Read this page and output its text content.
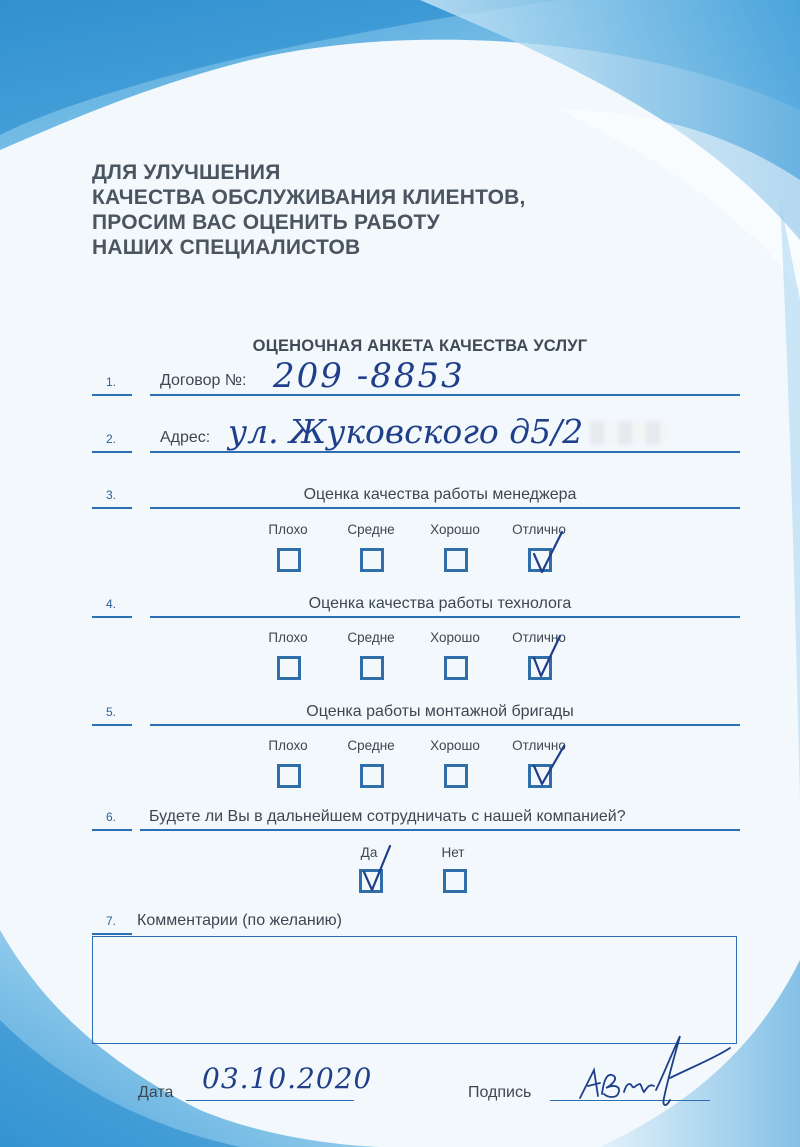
ДЛЯ УЛУЧШЕНИЯ
КАЧЕСТВА ОБСЛУЖИВАНИЯ КЛИЕНТОВ,
ПРОСИМ ВАС ОЦЕНИТЬ РАБОТУ
НАШИХ СПЕЦИАЛИСТОВ
ОЦЕНОЧНАЯ АНКЕТА КАЧЕСТВА УСЛУГ
1.	Договор №: 209 -8853
2.	Адрес: ул. Жуковского д5/2
3.	Оценка качества работы менеджера
Плохо	Средне	Хорошо	Отлично
4.	Оценка качества работы технолога
Плохо	Средне	Хорошо	Отлично
5.	Оценка работы монтажной бригады
Плохо	Средне	Хорошо	Отлично
6. Будете ли Вы в дальнейшем сотрудничать с нашей компанией?
Да	Нет
7. Комментарии (по желанию)
Дата 03.10.2020	Подпись
